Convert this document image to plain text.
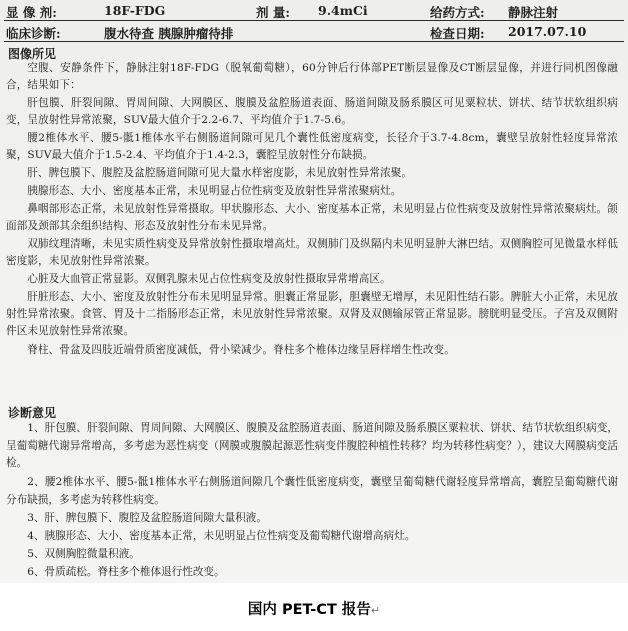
显 像 剂:	18F-FDG	剂 量: 9.4mCi	给药方式: 静脉注射
临床诊断:	腹水待查 胰腺肿瘤待排	检查日期: 2017.07.10
图像所见

空腹、安静条件下，静脉注射18F-FDG（脱氧葡萄糖），60分钟后行体部PET断层显像及CT断层显像，并进行同机图像融合，结果如下：

肝包膜、肝裂间隙、胃周间隙、大网膜区、腹膜及盆腔肠道表面、肠道间隙及肠系膜区可见粟粒状、饼状、结节状软组织病变，呈放射性异常浓聚，SUV最大值介于2.2-6.7、平均值介于1.7-5.6。

腰2椎体水平、腰5-骶1椎体水平右侧肠道间隙可见几个囊性低密度病变，长径介于3.7-4.8cm，囊壁呈放射性轻度异常浓聚，SUV最大值介于1.5-2.4、平均值介于1.4-2.3，囊腔呈放射性分布缺损。

肝、脾包膜下、腹腔及盆腔肠道间隙可见大量水样密度影，未见放射性异常浓聚。

胰腺形态、大小、密度基本正常，未见明显占位性病变及放射性异常浓聚病灶。

鼻咽部形态正常，未见放射性异常摄取。甲状腺形态、大小、密度基本正常，未见明显占位性病变及放射性异常浓聚病灶。颌面部及颈部其余组织结构、形态及放射性分布未见异常。

双肺纹理清晰，未见实质性病变及异常放射性摄取增高灶。双侧肺门及纵隔内未见明显肿大淋巴结。双侧胸腔可见微量水样低密度影，未见放射性异常浓聚。

心脏及大血管正常显影。双侧乳腺未见占位性病变及放射性摄取异常增高区。

肝脏形态、大小、密度及放射性分布未见明显异常。胆囊正常显影，胆囊壁无增厚，未见阳性结石影。脾脏大小正常，未见放射性异常浓聚。食管、胃及十二指肠形态正常，未见放射性异常浓聚。双肾及双侧输尿管正常显影。膀胱明显受压。子宫及双侧附件区未见放射性异常浓聚。

脊柱、骨盆及四肢近端骨质密度减低，骨小梁减少。脊柱多个椎体边缘呈唇样增生性改变。

诊断意见

1、肝包膜、肝裂间隙、胃周间隙、大网膜区、腹膜及盆腔肠道表面、肠道间隙及肠系膜区粟粒状、饼状、结节状软组织病变，呈葡萄糖代谢异常增高，多考虑为恶性病变（网膜或腹膜起源恶性病变伴腹腔种植性转移？均为转移性病变？），建议大网膜病变活检。

2、腰2椎体水平、腰5-骶1椎体水平右侧肠道间隙几个囊性低密度病变，囊壁呈葡萄糖代谢轻度异常增高，囊腔呈葡萄糖代谢分布缺损，多考虑为转移性病变。

3、肝、脾包膜下、腹腔及盆腔肠道间隙大量积液。

4、胰腺形态、大小、密度基本正常，未见明显占位性病变及葡萄糖代谢增高病灶。

5、双侧胸腔微量积液。

6、骨质疏松。脊柱多个椎体退行性改变。

国内 PET-CT 报告↵
